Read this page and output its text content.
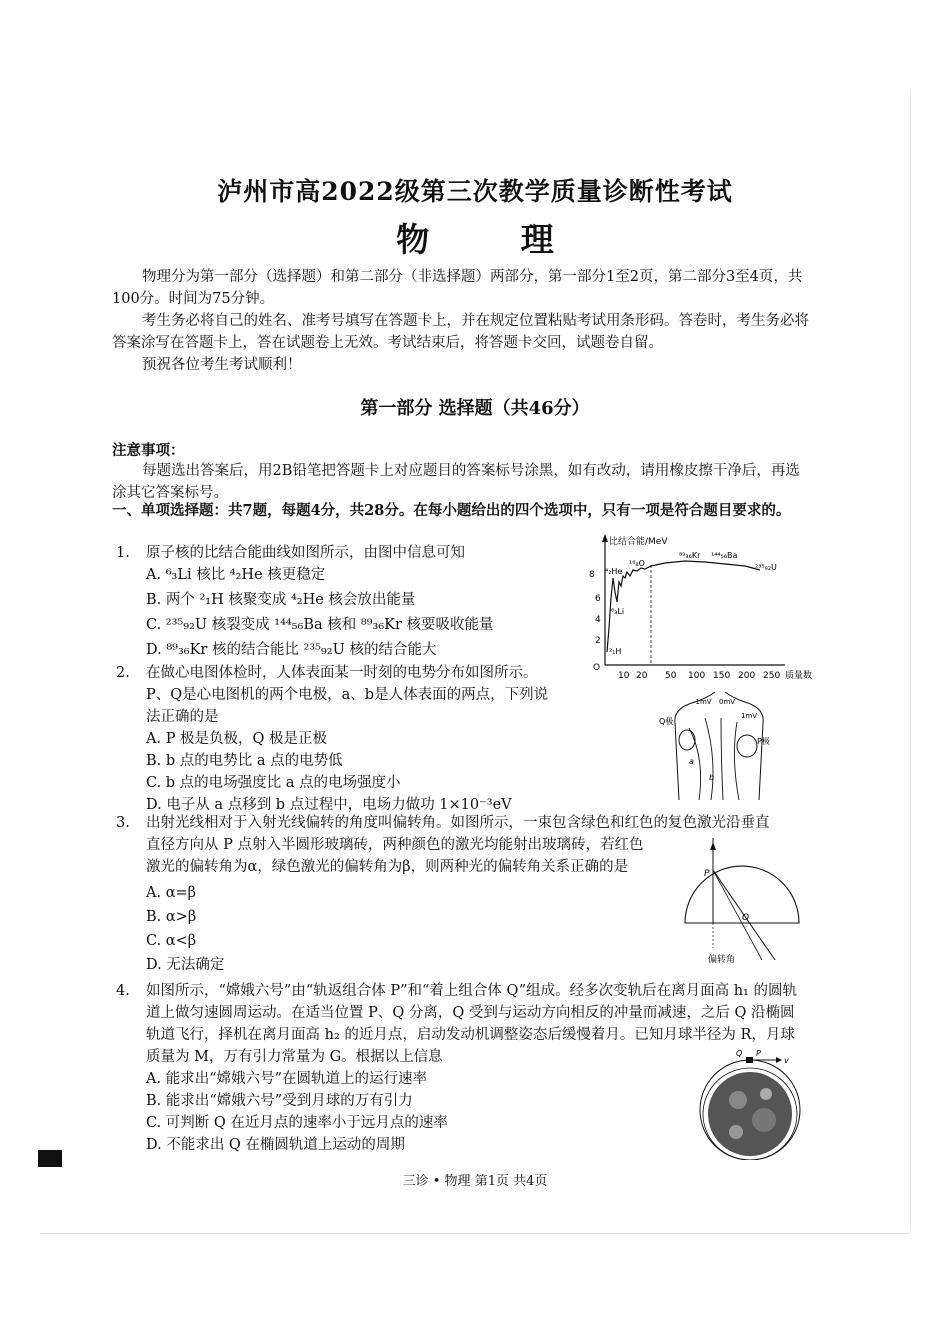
泸州市高2022级第三次教学质量诊断性考试
物 理
物理分为第一部分（选择题）和第二部分（非选择题）两部分，第一部分1至2页，第二部分3至4页，共100分。时间为75分钟。
考生务必将自己的姓名、准考号填写在答题卡上，并在规定位置粘贴考试用条形码。答卷时，考生务必将答案涂写在答题卡上，答在试题卷上无效。考试结束后，将答题卡交回，试题卷自留。
预祝各位考生考试顺利！
第一部分 选择题（共46分）
注意事项：
每题选出答案后，用2B铅笔把答题卡上对应题目的答案标号涂黑，如有改动，请用橡皮擦干净后，再选涂其它答案标号。
一、单项选择题：共7题，每题4分，共28分。在每小题给出的四个选项中，只有一项是符合题目要求的。
1. 原子核的比结合能曲线如图所示，由图中信息可知
A. ⁶₃Li 核比 ⁴₂He 核更稳定
B. 两个 ²₁H 核聚变成 ⁴₂He 核会放出能量
C. ²³⁵₉₂U 核裂变成 ¹⁴⁴₅₆Ba 核和 ⁸⁹₃₆Kr 核要吸收能量
D. ⁸⁹₃₆Kr 核的结合能比 ²³⁵₉₂U 核的结合能大
2.	在做心电图体检时，人体表面某一时刻的电势分布如图所示。P、Q是心电图机的两个电极，a、b是人体表面的两点，下列说法正确的是
A. P 极是负极，Q 极是正极
B. b 点的电势比 a 点的电势低
C. b 点的电场强度比 a 点的电场强度小
D. 电子从 a 点移到 b 点过程中，电场力做功 1×10⁻³eV
3. 出射光线相对于入射光线偏转的角度叫偏转角。如图所示，一束包含绿色和红色的复色激光沿垂直
直径方向从 P 点射入半圆形玻璃砖，两种颜色的激光均能射出玻璃砖，若红色
激光的偏转角为α，绿色激光的偏转角为β，则两种光的偏转角关系正确的是
A. α=β
B. α>β
C. α<β
D. 无法确定
4.	如图所示，“嫦娥六号”由“轨返组合体 P”和“着上组合体 Q”组成。经多次变轨后在离月面高 h₁ 的圆轨道上做匀速圆周运动。在适当位置 P、Q 分离，Q 受到与运动方向相反的冲量而减速，之后 Q 沿椭圆轨道飞行，择机在离月面高 h₂ 的近月点，启动发动机调整姿态后缓慢着月。已知月球半径为 R，月球质量为 M，万有引力常量为 G。根据以上信息
A. 能求出“嫦娥六号”在圆轨道上的运行速率
B. 能求出“嫦娥六号”受到月球的万有引力
C. 可判断 Q 在近月点的速率小于远月点的速率
D. 不能求出 Q 在椭圆轨道上运动的周期
比结合能/MeV
2
4
6
8
O
10 20 50 100 150 200 250 质量数
⁴₂He
¹⁶₈O
⁸⁹₃₆Kr ¹⁴⁴₅₆Ba
²³⁵₉₂U
⁶₃Li
²₁H
Q极
P极
-1mV 0mV
1mV
a
b
P
O
偏转角
Q P
v
三诊 • 物理 第1页 共4页
